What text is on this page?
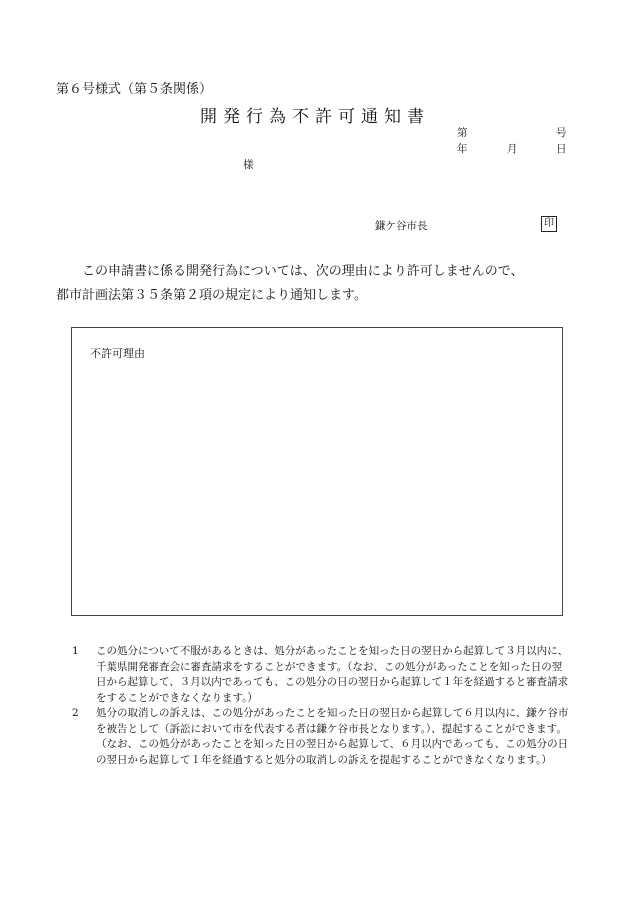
第６号様式（第５条関係）
開発行為不許可通知書
第	号
年	月	日
様
鎌ケ谷市長	印
この申請書に係る開発行為については、次の理由により許可しませんので、
都市計画法第３５条第２項の規定により通知します。
不許可理由
1	この処分について不服があるときは、処分があったことを知った日の翌日から起算して３月以内に、千葉県開発審査会に審査請求をすることができます。（なお、この処分があったことを知った日の翌日から起算して、３月以内であっても、この処分の日の翌日から起算して１年を経過すると審査請求をすることができなくなります。）
2	処分の取消しの訴えは、この処分があったことを知った日の翌日から起算して６月以内に、鎌ケ谷市を被告として（訴訟において市を代表する者は鎌ケ谷市長となります。）、提起することができます。（なお、この処分があったことを知った日の翌日から起算して、６月以内であっても、この処分の日の翌日から起算して１年を経過すると処分の取消しの訴えを提起することができなくなります。）
